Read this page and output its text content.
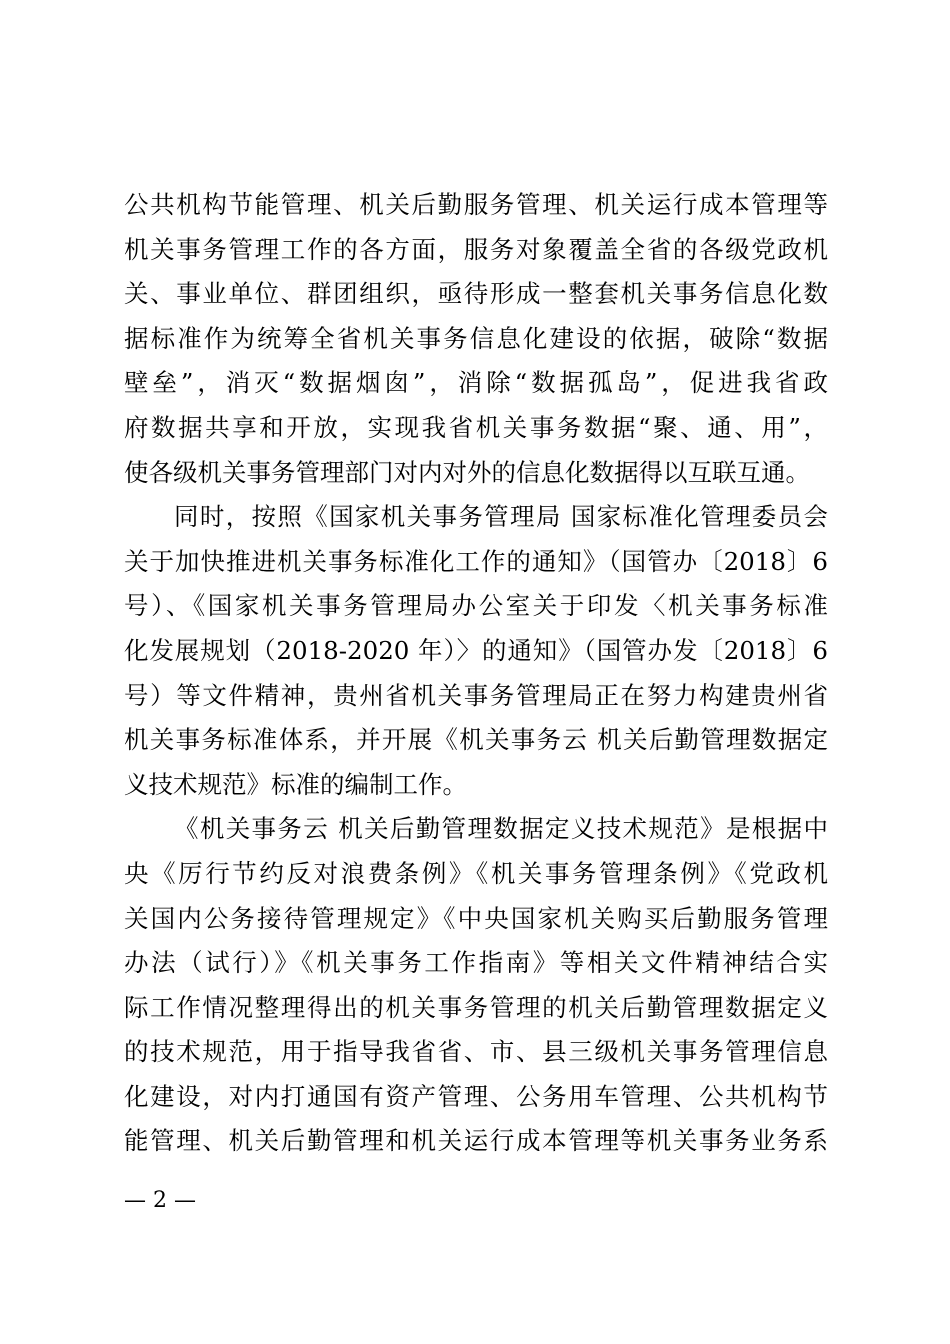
公共机构节能管理、机关后勤服务管理、机关运行成本管理等
机关事务管理工作的各方面，服务对象覆盖全省的各级党政机
关、事业单位、群团组织，亟待形成一整套机关事务信息化数
据标准作为统筹全省机关事务信息化建设的依据，破除“数据
壁垒”，消灭“数据烟囱”，消除“数据孤岛”，促进我省政
府数据共享和开放，实现我省机关事务数据“聚、通、用”，
使各级机关事务管理部门对内对外的信息化数据得以互联互通。
同时，按照《国家机关事务管理局 国家标准化管理委员会
关于加快推进机关事务标准化工作的通知》（国管办〔2018〕6
号）、《国家机关事务管理局办公室关于印发〈机关事务标准
化发展规划（2018-2020 年）〉的通知》（国管办发〔2018〕6
号）等文件精神，贵州省机关事务管理局正在努力构建贵州省
机关事务标准体系，并开展《机关事务云 机关后勤管理数据定
义技术规范》标准的编制工作。
《机关事务云 机关后勤管理数据定义技术规范》是根据中
央《厉行节约反对浪费条例》《机关事务管理条例》《党政机
关国内公务接待管理规定》《中央国家机关购买后勤服务管理
办法（试行）》《机关事务工作指南》等相关文件精神结合实
际工作情况整理得出的机关事务管理的机关后勤管理数据定义
的技术规范，用于指导我省省、市、县三级机关事务管理信息
化建设，对内打通国有资产管理、公务用车管理、公共机构节
能管理、机关后勤管理和机关运行成本管理等机关事务业务系
— 2 —
